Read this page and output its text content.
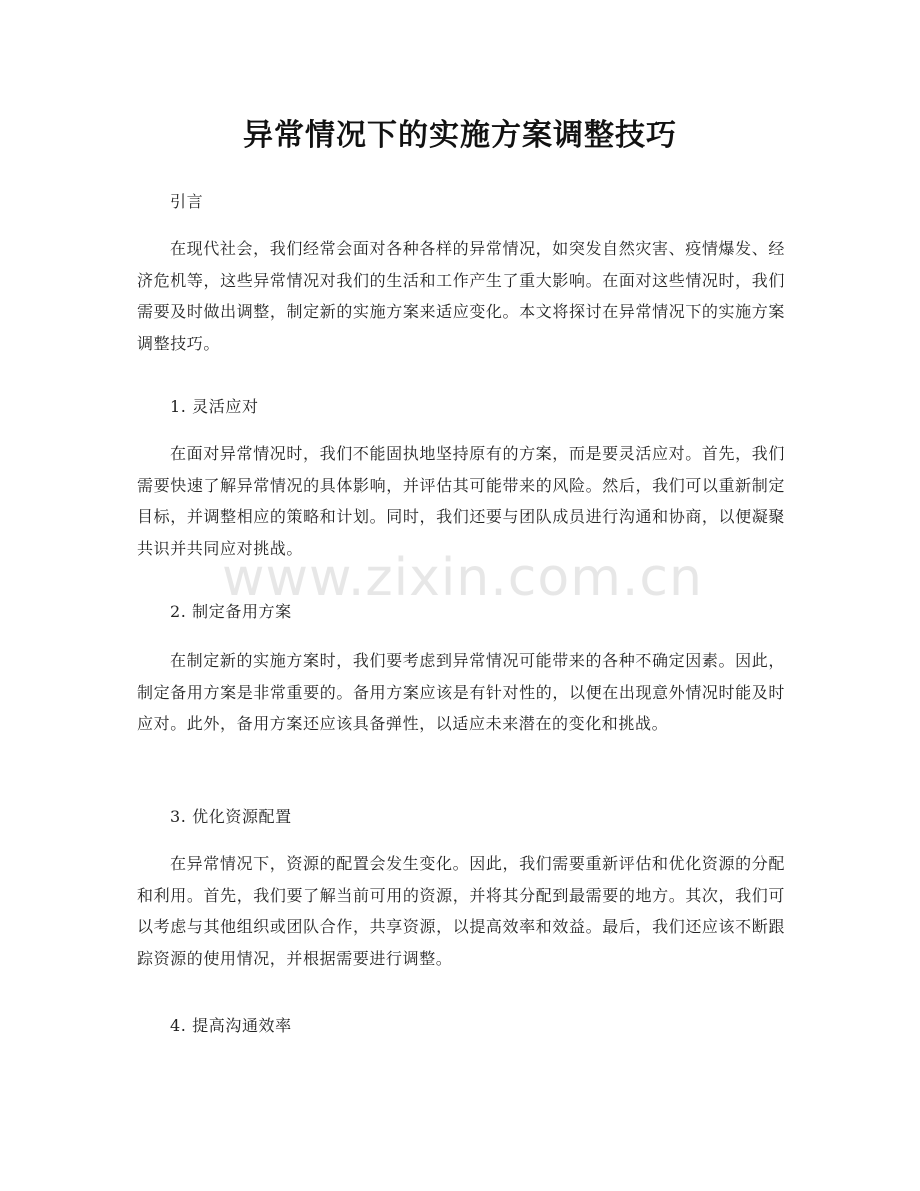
异常情况下的实施方案调整技巧

引言

在现代社会，我们经常会面对各种各样的异常情况，如突发自然灾害、疫情爆发、经济危机等，这些异常情况对我们的生活和工作产生了重大影响。在面对这些情况时，我们需要及时做出调整，制定新的实施方案来适应变化。本文将探讨在异常情况下的实施方案调整技巧。

1. 灵活应对

在面对异常情况时，我们不能固执地坚持原有的方案，而是要灵活应对。首先，我们需要快速了解异常情况的具体影响，并评估其可能带来的风险。然后，我们可以重新制定目标，并调整相应的策略和计划。同时，我们还要与团队成员进行沟通和协商，以便凝聚共识并共同应对挑战。

2. 制定备用方案

在制定新的实施方案时，我们要考虑到异常情况可能带来的各种不确定因素。因此，制定备用方案是非常重要的。备用方案应该是有针对性的，以便在出现意外情况时能及时应对。此外，备用方案还应该具备弹性，以适应未来潜在的变化和挑战。

3. 优化资源配置

在异常情况下，资源的配置会发生变化。因此，我们需要重新评估和优化资源的分配和利用。首先，我们要了解当前可用的资源，并将其分配到最需要的地方。其次，我们可以考虑与其他组织或团队合作，共享资源，以提高效率和效益。最后，我们还应该不断跟踪资源的使用情况，并根据需要进行调整。

4. 提高沟通效率

www.zixin.com.cn
